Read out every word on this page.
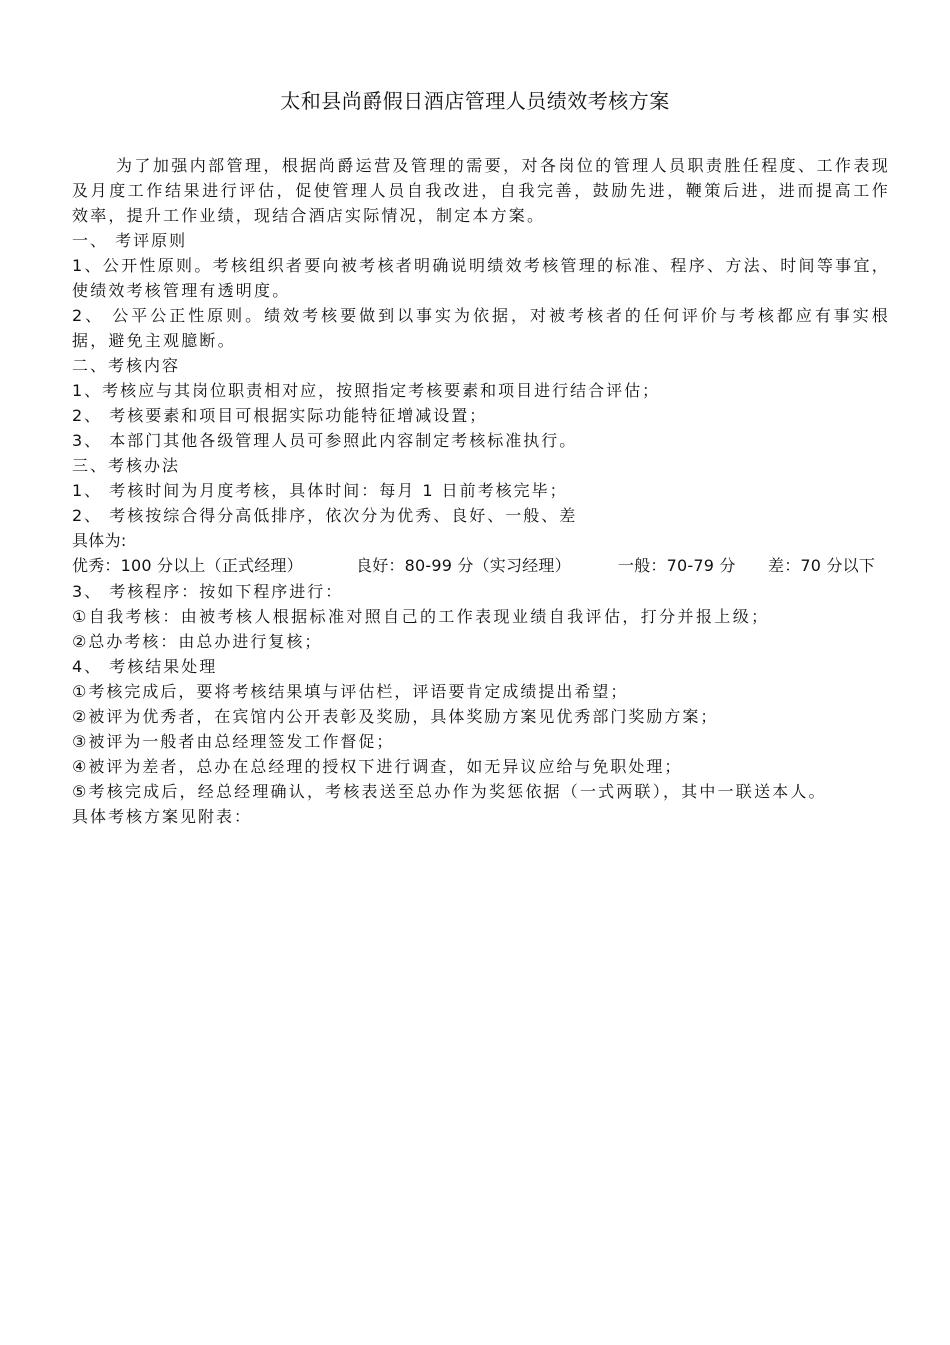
太和县尚爵假日酒店管理人员绩效考核方案

为了加强内部管理，根据尚爵运营及管理的需要，对各岗位的管理人员职责胜任程度、工作表现及月度工作结果进行评估，促使管理人员自我改进，自我完善，鼓励先进，鞭策后进，进而提高工作效率，提升工作业绩，现结合酒店实际情况，制定本方案。

一、 考评原则

1、公开性原则。考核组织者要向被考核者明确说明绩效考核管理的标准、程序、方法、时间等事宜，使绩效考核管理有透明度。

2、 公平公正性原则。绩效考核要做到以事实为依据，对被考核者的任何评价与考核都应有事实根据，避免主观臆断。

二、考核内容

1、考核应与其岗位职责相对应，按照指定考核要素和项目进行结合评估；

2、 考核要素和项目可根据实际功能特征增减设置；

3、 本部门其他各级管理人员可参照此内容制定考核标准执行。

三、考核办法

1、 考核时间为月度考核，具体时间：每月 1 日前考核完毕；

2、 考核按综合得分高低排序，依次分为优秀、良好、一般、差

具体为:

优秀：100 分以上（正式经理）	良好：80-99 分（实习经理）	一般：70-79 分	差：70 分以下

3、 考核程序：按如下程序进行：

①自我考核：由被考核人根据标准对照自己的工作表现业绩自我评估，打分并报上级；

②总办考核：由总办进行复核；

4、 考核结果处理

①考核完成后，要将考核结果填与评估栏，评语要肯定成绩提出希望；

②被评为优秀者，在宾馆内公开表彰及奖励，具体奖励方案见优秀部门奖励方案；

③被评为一般者由总经理签发工作督促；

④被评为差者，总办在总经理的授权下进行调查，如无异议应给与免职处理；

⑤考核完成后，经总经理确认，考核表送至总办作为奖惩依据（一式两联），其中一联送本人。

具体考核方案见附表：
